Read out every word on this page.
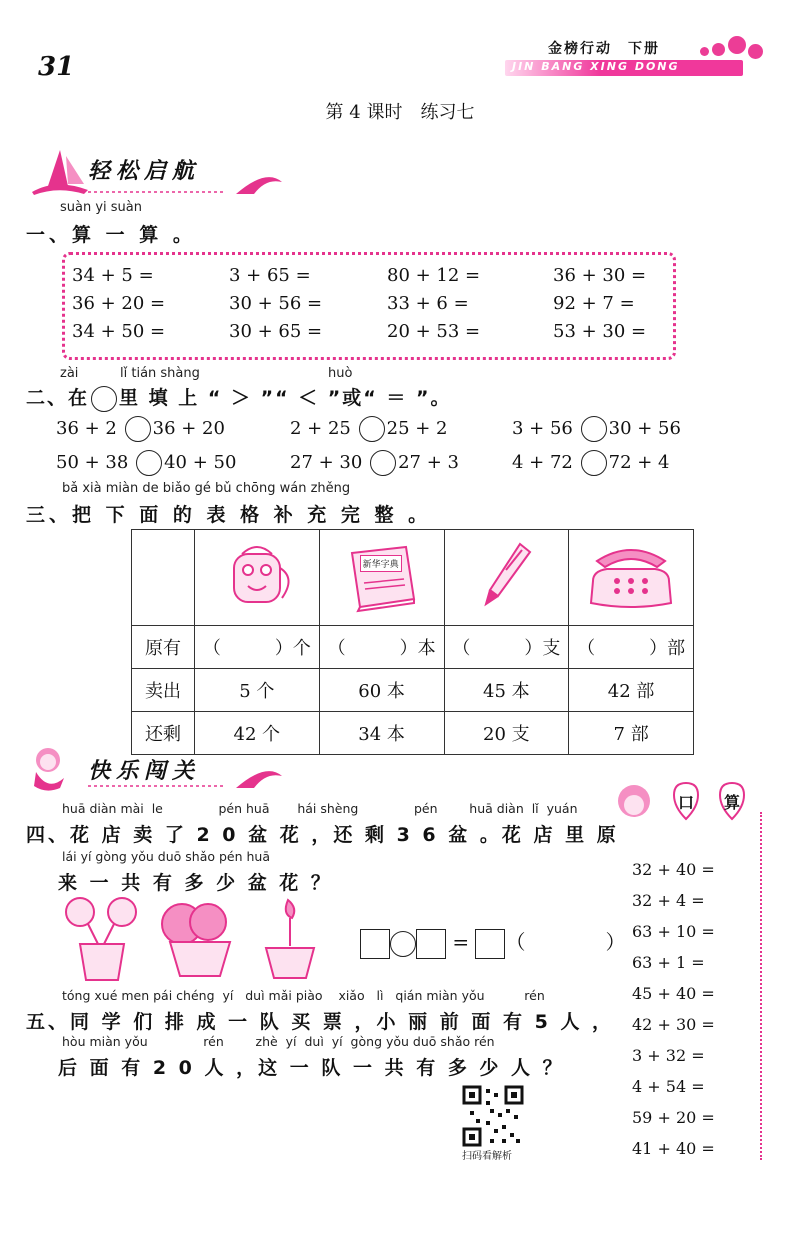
31
金榜行动　下册
JIN BANG XING DONG
第 4 课时　练习七
轻松启航
suàn yi suàn
一、算 一 算 。
34 + 5 =	3 + 65 =	80 + 12 =	36 + 30 =
36 + 20 =	30 + 56 =	33 + 6 =	92 + 7 =
34 + 50 =	30 + 65 =	20 + 53 =	53 + 30 =
zài	lǐ tián shàng	huò
二、在 里 填 上 “ ＞ ”“ ＜ ”或“ ＝ ”。
36 + 2 36 + 20	2 + 25 25 + 2	3 + 56 30 + 56
50 + 38 40 + 50	27 + 30 27 + 3	4 + 72 72 + 4
bǎ xià miàn de biǎo gé bǔ chōng wán zhěng
三、把 下 面 的 表 格 补 充 完 整 。

新华字典

原有	（　　　）个	（　　　）本	（　　　）支	（　　　）部
卖出	5 个	60 本	45 本	42 部
还剩	42 个	34 本	20 支	7 部
快乐闯关
口 算
32 + 40 =
32 + 4 =
63 + 10 =
63 + 1 =
45 + 40 =
42 + 30 =
3 + 32 =
4 + 54 =
59 + 20 =
41 + 40 =
huā diàn mài  le              pén huā       hái shèng              pén        huā diàn  lǐ  yuán
四、花 店 卖 了 2 0 盆 花 ，还 剩 3 6 盆 。花 店 里 原
lái yí gòng yǒu duō shǎo pén huā
来 一 共 有 多 少 盆 花 ？
= （　　　　）
tóng xué men pái chéng  yí   duì mǎi piào    xiǎo   lì   qián miàn yǒu          rén
五、同 学 们 排 成 一 队 买 票 ，小 丽 前 面 有 5 人 ，
hòu miàn yǒu              rén        zhè  yí  duì  yí  gòng yǒu duō shǎo rén
后 面 有 2 0 人 ，这 一 队 一 共 有 多 少 人 ？
扫码看解析
